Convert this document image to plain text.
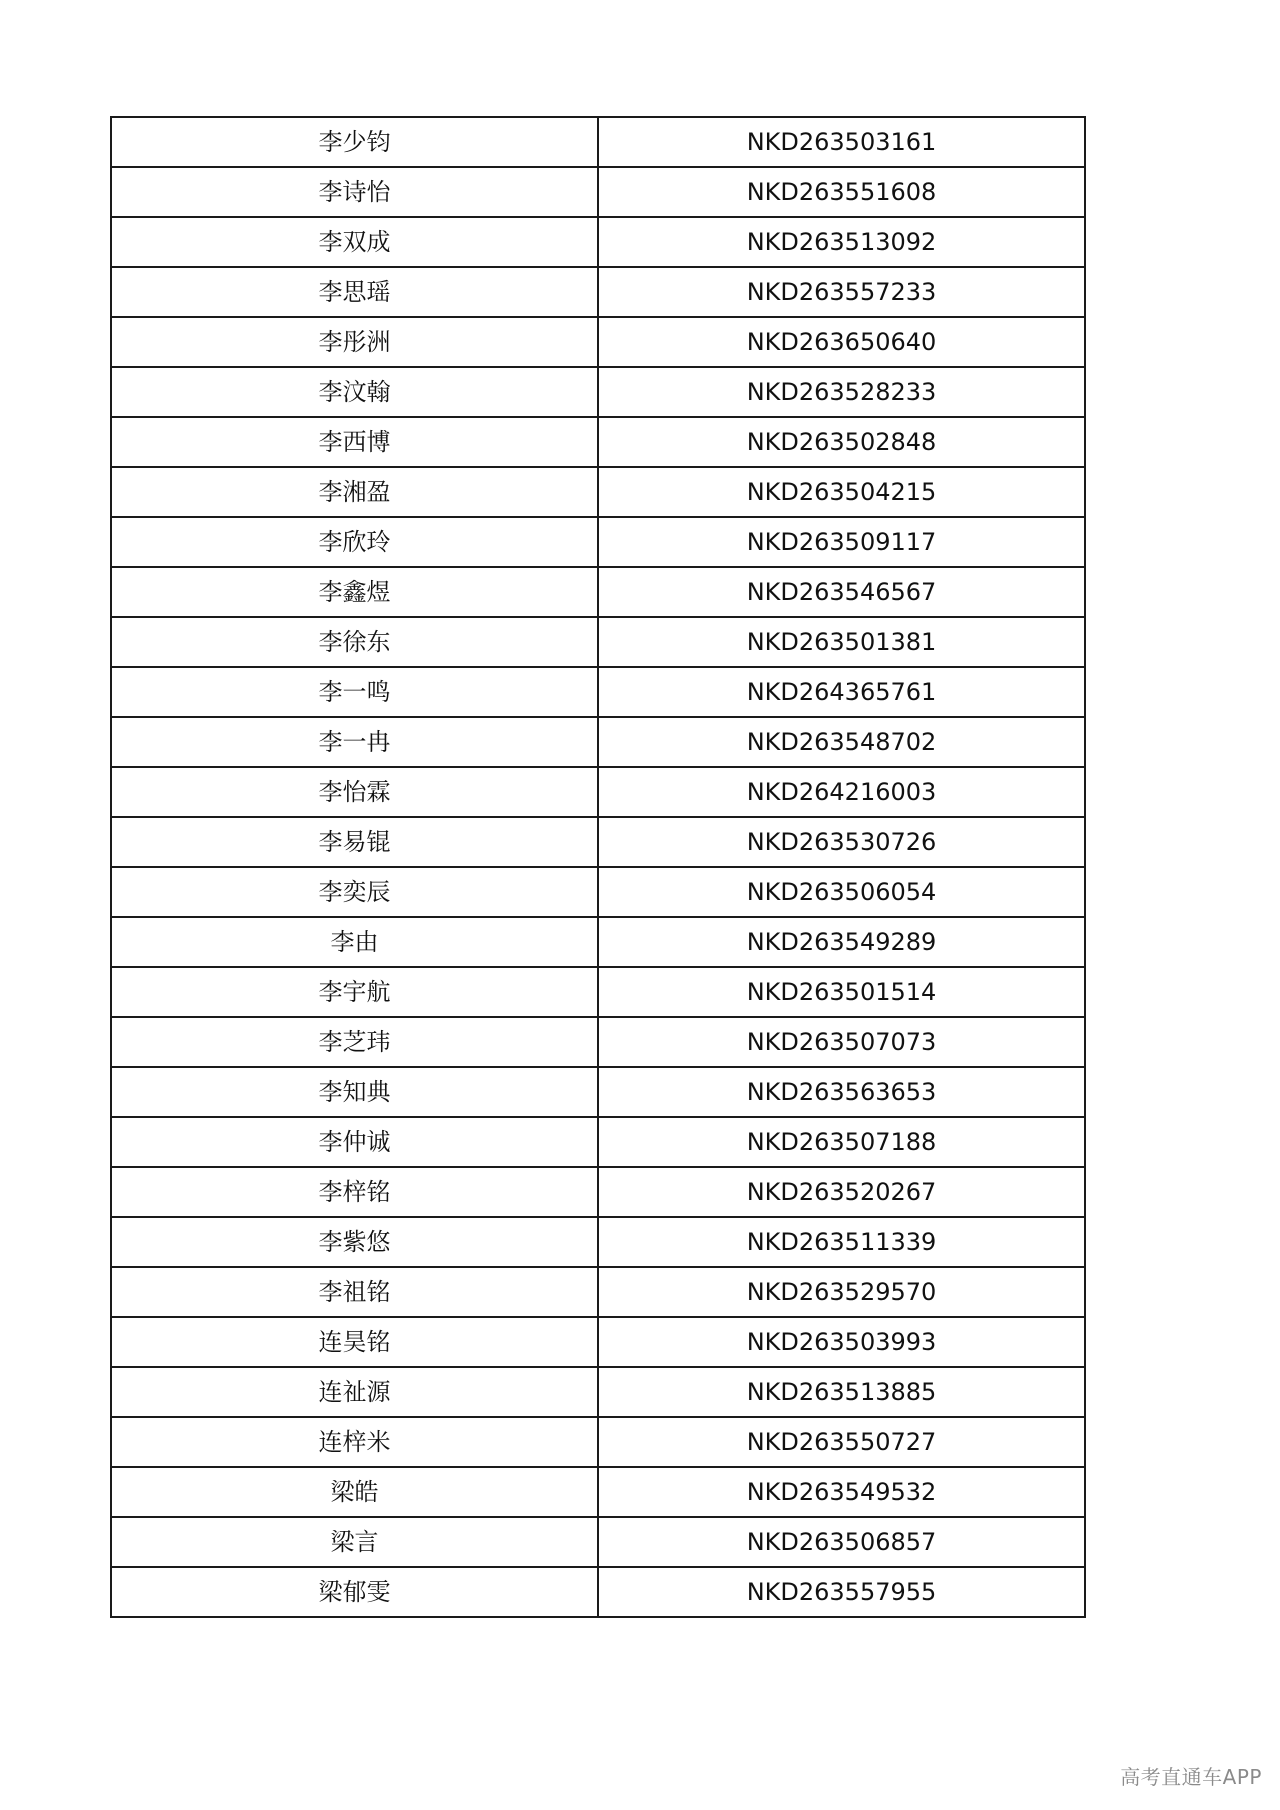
李少钧	NKD263503161
李诗怡	NKD263551608
李双成	NKD263513092
李思瑶	NKD263557233
李彤洲	NKD263650640
李汶翰	NKD263528233
李西博	NKD263502848
李湘盈	NKD263504215
李欣玲	NKD263509117
李鑫煜	NKD263546567
李徐东	NKD263501381
李一鸣	NKD264365761
李一冉	NKD263548702
李怡霖	NKD264216003
李易锟	NKD263530726
李奕辰	NKD263506054
李由	NKD263549289
李宇航	NKD263501514
李芝玮	NKD263507073
李知典	NKD263563653
李仲诚	NKD263507188
李梓铭	NKD263520267
李紫悠	NKD263511339
李祖铭	NKD263529570
连昊铭	NKD263503993
连祉源	NKD263513885
连梓米	NKD263550727
梁皓	NKD263549532
梁言	NKD263506857
梁郁雯	NKD263557955
高考直通车APP
